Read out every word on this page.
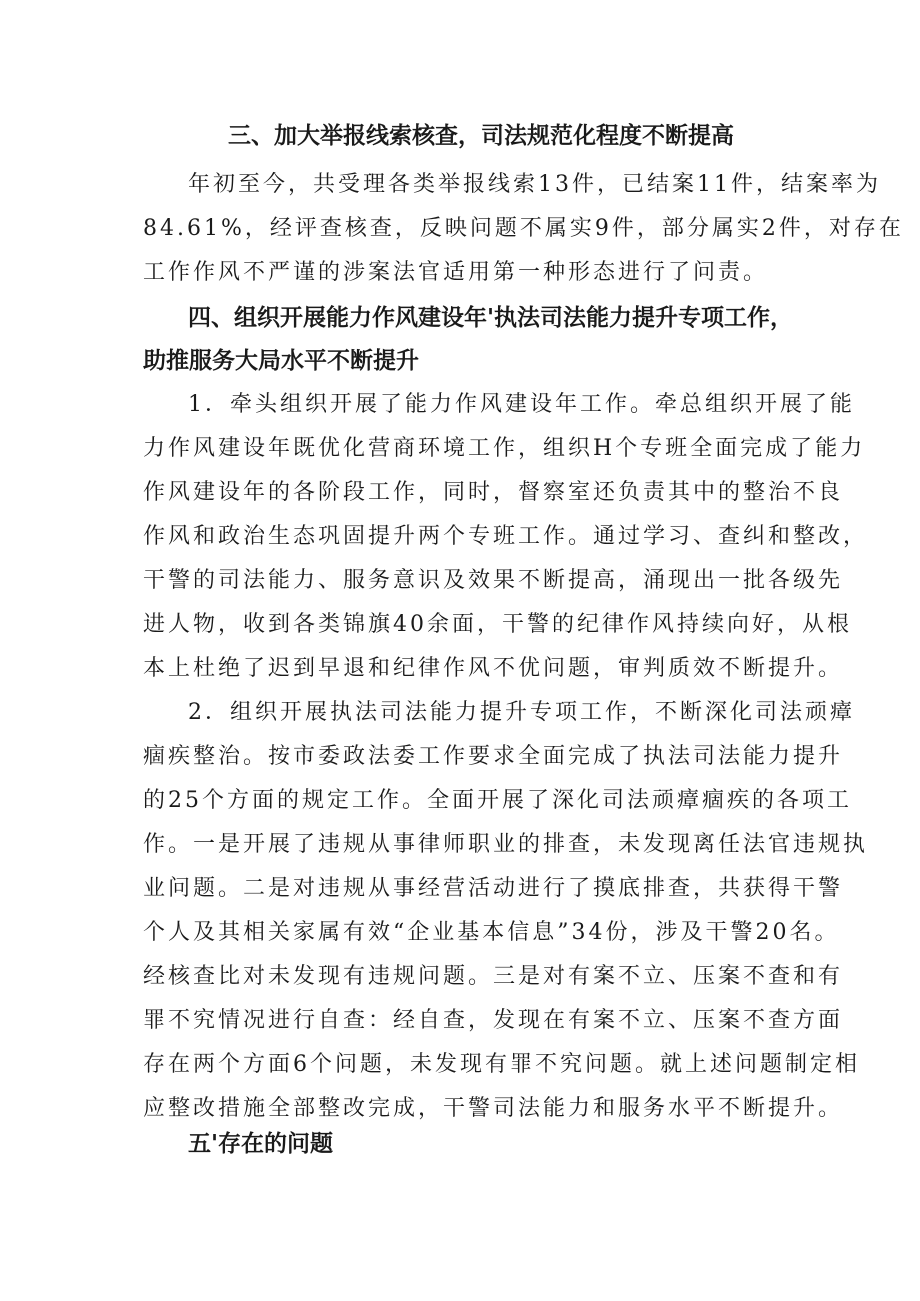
三、加大举报线索核查，司法规范化程度不断提高
年初至今，共受理各类举报线索13件，已结案11件，结案率为
84.61%，经评查核查，反映问题不属实9件，部分属实2件，对存在
工作作风不严谨的涉案法官适用第一种形态进行了问责。
四、组织开展能力作风建设年'执法司法能力提升专项工作，
助推服务大局水平不断提升
1．牵头组织开展了能力作风建设年工作。牵总组织开展了能
力作风建设年既优化营商环境工作，组织H个专班全面完成了能力
作风建设年的各阶段工作，同时，督察室还负责其中的整治不良
作风和政治生态巩固提升两个专班工作。通过学习、查纠和整改，
干警的司法能力、服务意识及效果不断提高，涌现出一批各级先
进人物，收到各类锦旗40余面，干警的纪律作风持续向好，从根
本上杜绝了迟到早退和纪律作风不优问题，审判质效不断提升。
2．组织开展执法司法能力提升专项工作，不断深化司法顽瘴
痼疾整治。按市委政法委工作要求全面完成了执法司法能力提升
的25个方面的规定工作。全面开展了深化司法顽瘴痼疾的各项工
作。一是开展了违规从事律师职业的排查，未发现离任法官违规执
业问题。二是对违规从事经营活动进行了摸底排查，共获得干警
个人及其相关家属有效“企业基本信息”34份，涉及干警20名。
经核查比对未发现有违规问题。三是对有案不立、压案不查和有
罪不究情况进行自查：经自查，发现在有案不立、压案不查方面
存在两个方面6个问题，未发现有罪不究问题。就上述问题制定相
应整改措施全部整改完成，干警司法能力和服务水平不断提升。
五'存在的问题
